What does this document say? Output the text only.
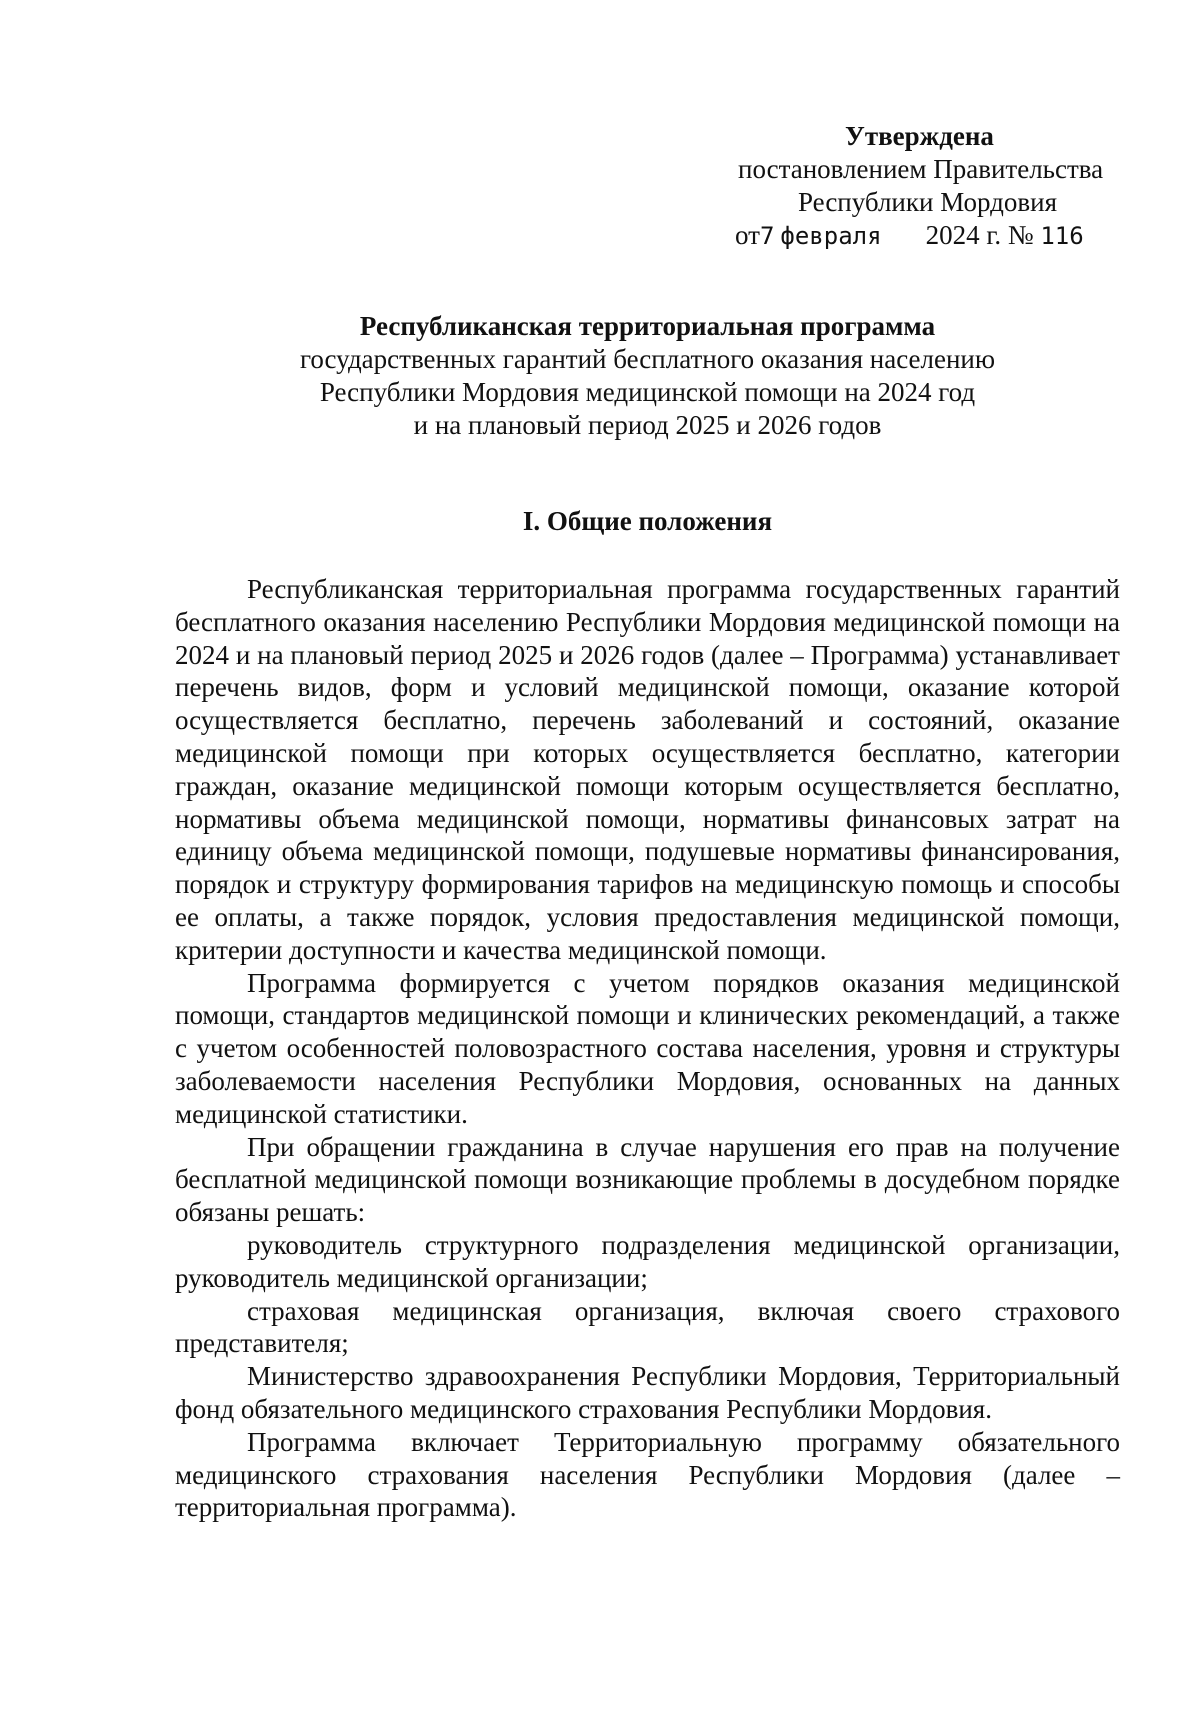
Утверждена
постановлением Правительства
Республики Мордовия
от7 февраля 2024 г. № 116
Республиканская территориальная программа
государственных гарантий бесплатного оказания населению
Республики Мордовия медицинской помощи на 2024 год
и на плановый период 2025 и 2026 годов
I. Общие положения

Республиканская территориальная программа государственных гарантий бесплатного оказания населению Республики Мордовия медицинской помощи на 2024 и на плановый период 2025 и 2026 годов (далее – Программа) устанавливает перечень видов, форм и условий медицинской помощи, оказание которой осуществляется бесплатно, перечень заболеваний и состояний, оказание медицинской помощи при которых осуществляется бесплатно, категории граждан, оказание медицинской помощи которым осуществляется бесплатно, нормативы объема медицинской помощи, нормативы финансовых затрат на единицу объема медицинской помощи, подушевые нормативы финансирования, порядок и структуру формирования тарифов на медицинскую помощь и способы ее оплаты, а также порядок, условия предоставления медицинской помощи, критерии доступности и качества медицинской помощи.

Программа формируется с учетом порядков оказания медицинской помощи, стандартов медицинской помощи и клинических рекомендаций, а также с учетом особенностей половозрастного состава населения, уровня и структуры заболеваемости населения Республики Мордовия, основанных на данных медицинской статистики.

При обращении гражданина в случае нарушения его прав на получение бесплатной медицинской помощи возникающие проблемы в досудебном порядке обязаны решать:

руководитель структурного подразделения медицинской организации, руководитель медицинской организации;

страховая медицинская организация, включая своего страхового представителя;

Министерство здравоохранения Республики Мордовия, Территориальный фонд обязательного медицинского страхования Республики Мордовия.

Программа включает Территориальную программу обязательного медицинского страхования населения Республики Мордовия (далее – территориальная программа).
